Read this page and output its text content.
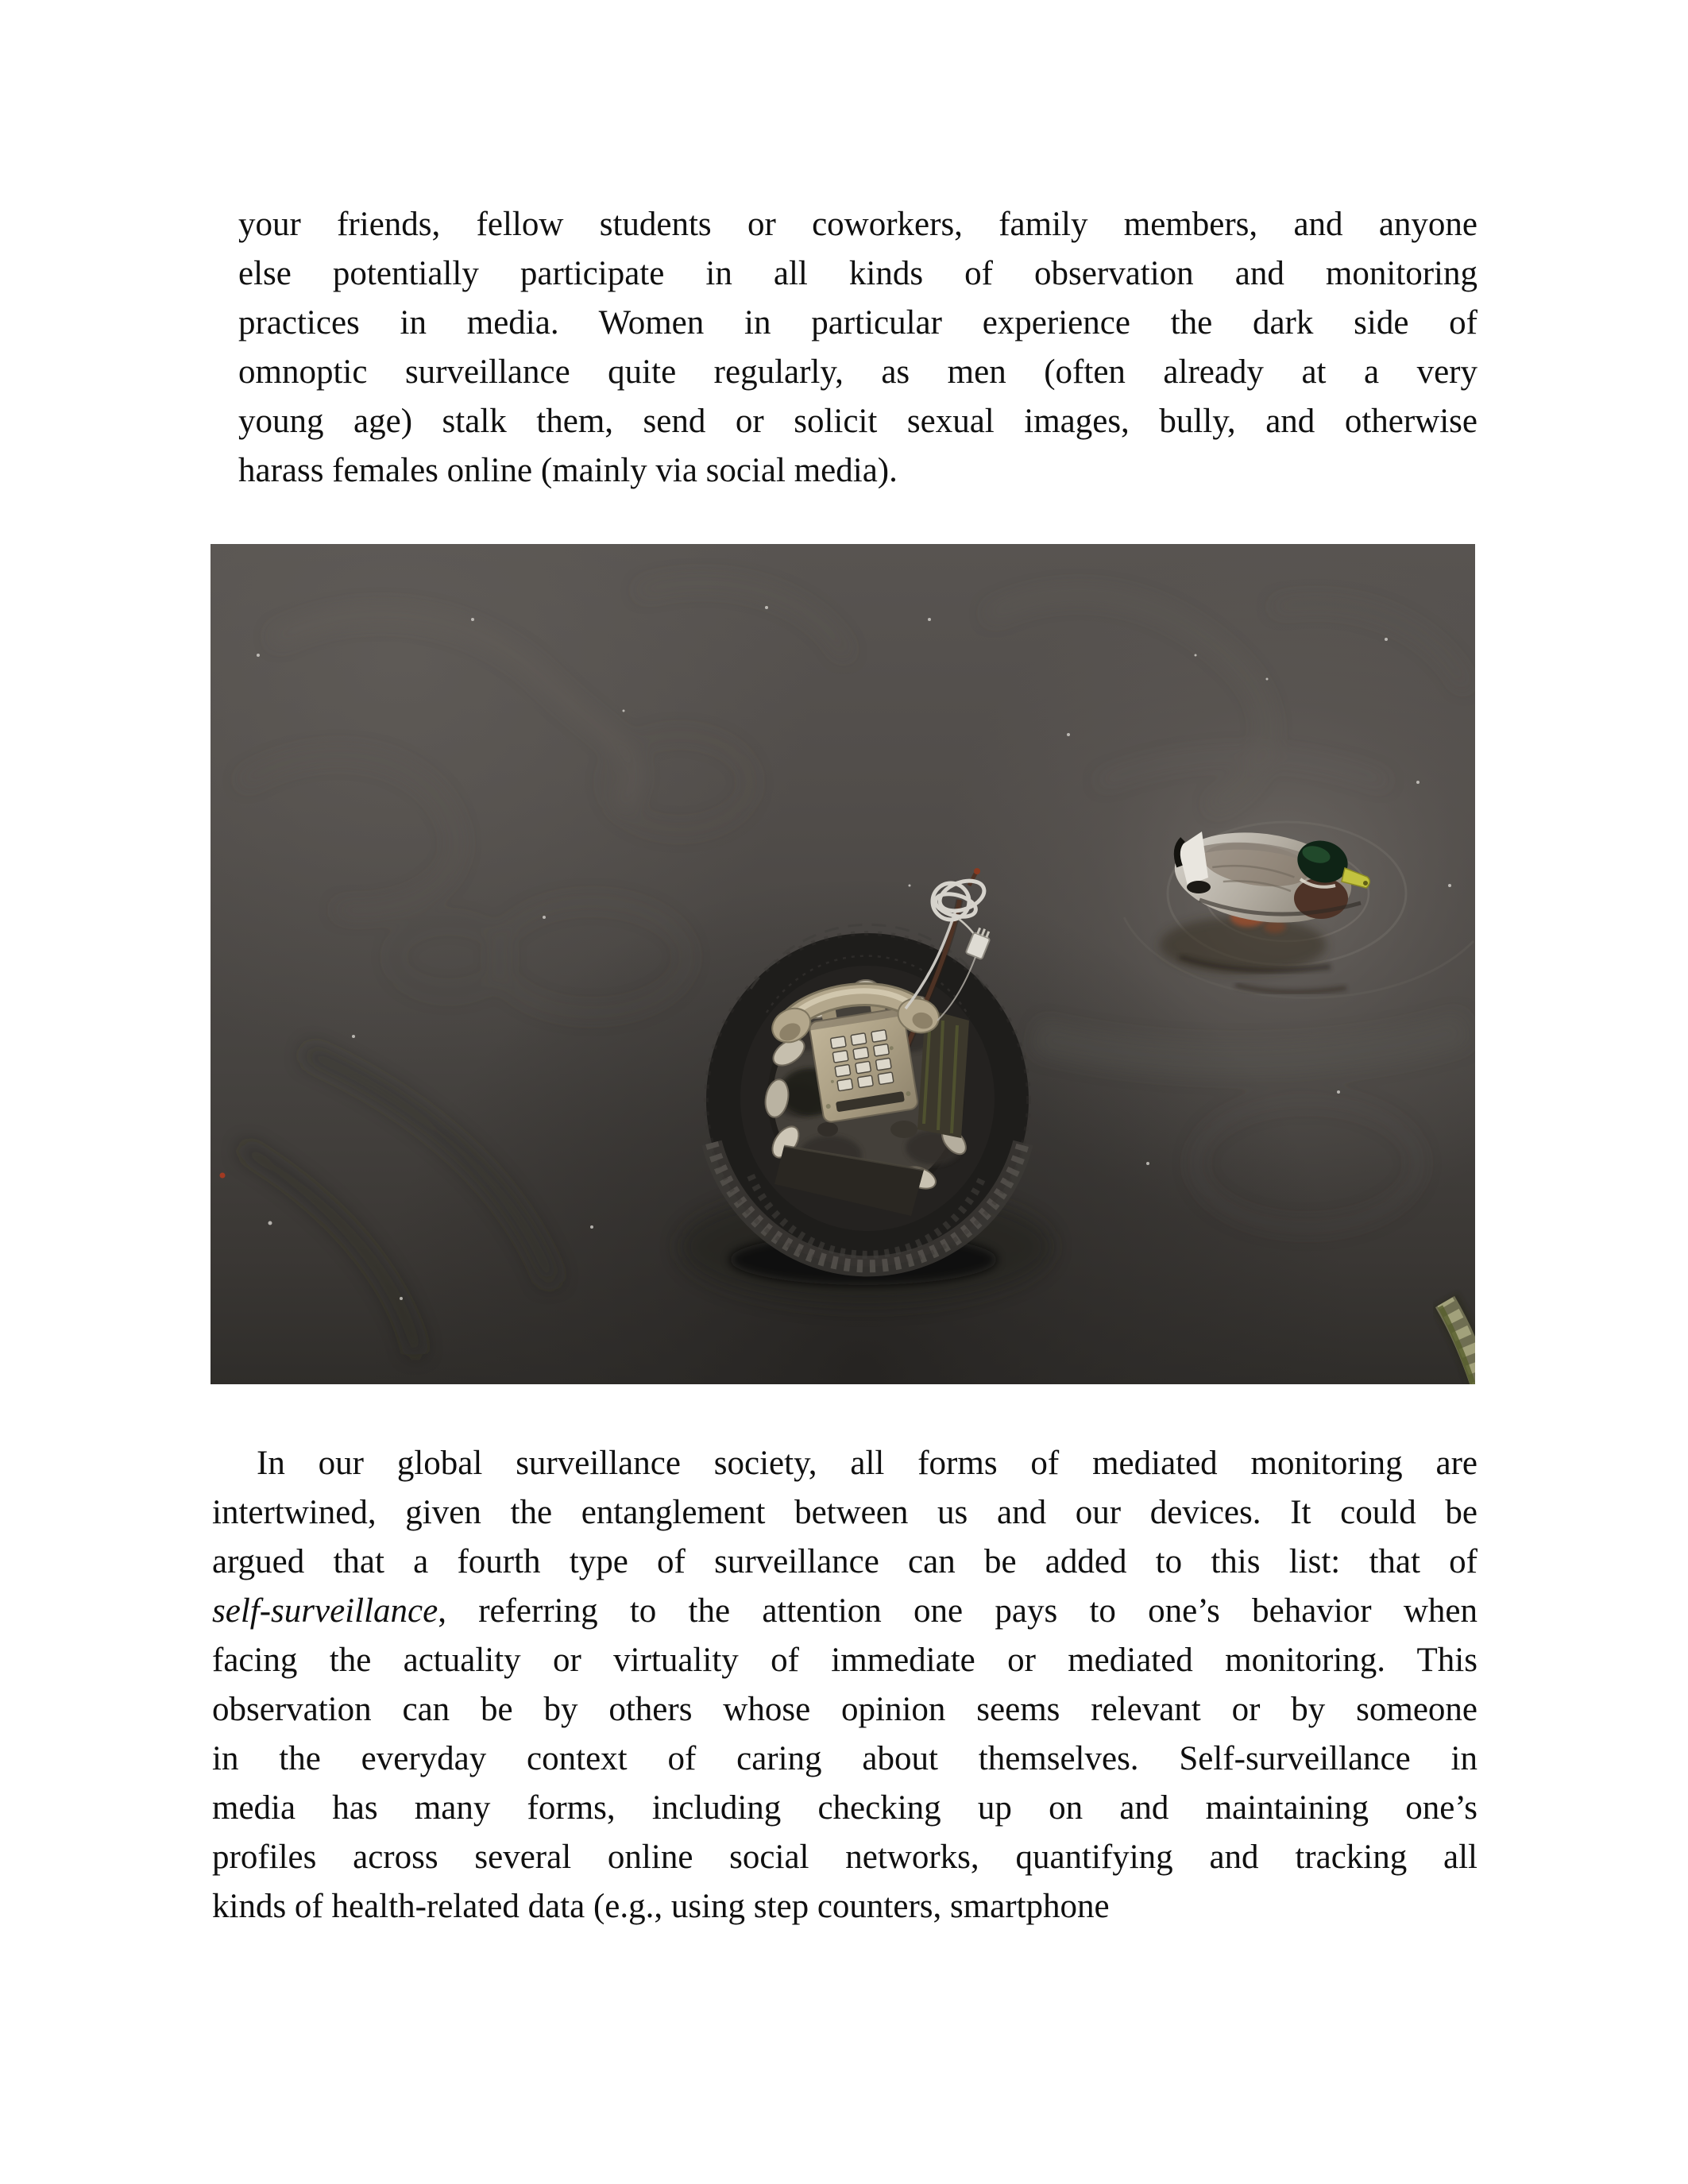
your friends, fellow students or coworkers, family members, and anyone
else potentially participate in all kinds of observation and monitoring
practices in media. Women in particular experience the dark side of
omnoptic surveillance quite regularly, as men (often already at a very
young age) stalk them, send or solicit sexual images, bully, and otherwise
harass females online (mainly via social media).
In our global surveillance society, all forms of mediated monitoring are
intertwined, given the entanglement between us and our devices. It could be
argued that a fourth type of surveillance can be added to this list: that of
self-surveillance, referring to the attention one pays to one’s behavior when
facing the actuality or virtuality of immediate or mediated monitoring. This
observation can be by others whose opinion seems relevant or by someone
in the everyday context of caring about themselves. Self-surveillance in
media has many forms, including checking up on and maintaining one’s
profiles across several online social networks, quantifying and tracking all
kinds of health-related data (e.g., using step counters, smartphone
